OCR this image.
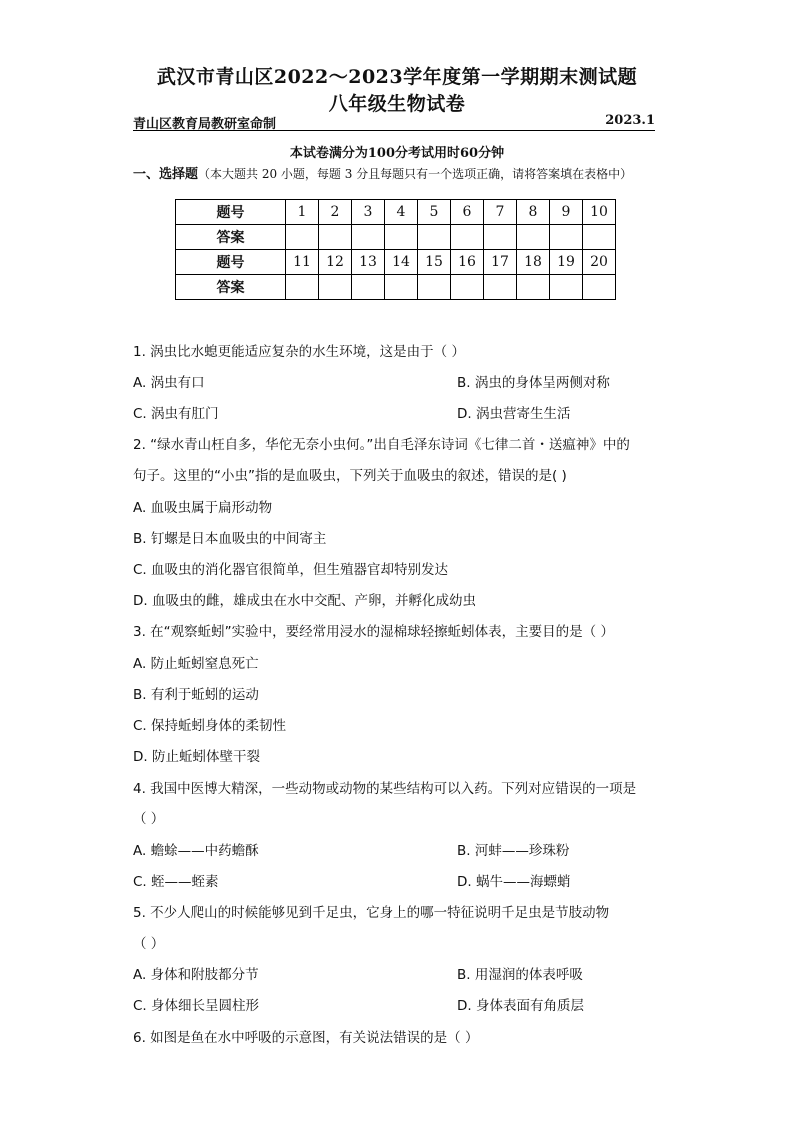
武汉市青山区2022～2023学年度第一学期期末测试题
八年级生物试卷
青山区教育局教研室命制	2023.1
本试卷满分为100分考试用时60分钟
一、选择题（本大题共 20 小题，每题 3 分且每题只有一个选项正确，请将答案填在表格中）
题号	1	2	3	4	5	6	7	8	9	10
答案										
题号	11	12	13	14	15	16	17	18	19	20
答案										
1. 涡虫比水螅更能适应复杂的水生环境，这是由于（ ）
A. 涡虫有口	B. 涡虫的身体呈两侧对称
C. 涡虫有肛门	D. 涡虫营寄生生活
2. “绿水青山枉自多，华佗无奈小虫何。”出自毛泽东诗词《七律二首・送瘟神》中的
句子。这里的“小虫”指的是血吸虫，下列关于血吸虫的叙述，错误的是( )
A. 血吸虫属于扁形动物
B. 钉螺是日本血吸虫的中间寄主
C. 血吸虫的消化器官很简单，但生殖器官却特别发达
D. 血吸虫的雌，雄成虫在水中交配、产卵，并孵化成幼虫
3. 在“观察蚯蚓”实验中，要经常用浸水的湿棉球轻擦蚯蚓体表，主要目的是（ ）
A. 防止蚯蚓窒息死亡
B. 有利于蚯蚓的运动
C. 保持蚯蚓身体的柔韧性
D. 防止蚯蚓体壁干裂
4. 我国中医博大精深，一些动物或动物的某些结构可以入药。下列对应错误的一项是
（ ）
A. 蟾蜍——中药蟾酥	B. 河蚌——珍珠粉
C. 蛭——蛭素	D. 蜗牛——海螵蛸
5. 不少人爬山的时候能够见到千足虫，它身上的哪一特征说明千足虫是节肢动物
（ ）
A. 身体和附肢都分节	B. 用湿润的体表呼吸
C. 身体细长呈圆柱形	D. 身体表面有角质层
6. 如图是鱼在水中呼吸的示意图，有关说法错误的是（ ）
